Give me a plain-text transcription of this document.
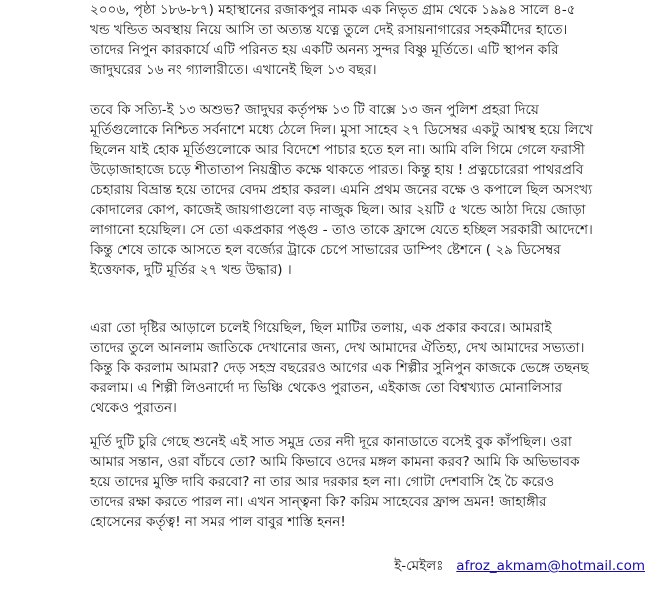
২০০৬, পৃষ্ঠা ১৮৬-৮৭) মহাস্থানের রজাকপুর নামক এক নিভৃত গ্রাম থেকে ১৯৯৪ সালে ৪-৫
খন্ড খন্ডিত অবস্থায় নিয়ে আসি তা অত্যন্ত যত্নে তুলে দেই রসায়নাগারের সহকর্মীদের হাতে।
তাদের নিপুন কারকার্যে এটি পরিনত হয় একটি অনন্য সুন্দর বিষ্ণু মূর্তিতে। এটি স্থাপন করি
জাদুঘরের ১৬ নং গ্যালারীতে। এখানেই ছিল ১৩ বছর।

তবে কি সত্যি-ই ১৩ অশুভ? জাদুঘর কর্তৃপক্ষ ১৩ টি বাক্সে ১৩ জন পুলিশ প্রহরা দিয়ে
মূর্তিগুলোকে নিশ্চিত সর্বনাশে মধ্যে ঠেলে দিল। মুসা সাহেব ২৭ ডিসেম্বর একটু আশ্বস্থ হয়ে লিখে
ছিলেন যাই হোক মূর্তিগুলোকে আর বিদেশে পাচার হতে হল না। আমি বলি গিমে গেলে ফরাসী
উড়োজাহাজে চড়ে শীতাতাপ নিয়ন্ত্রীত কক্ষে থাকতে পারত। কিন্তু হায় ! প্রত্নচোরেরা পাথরপ্রবি
চেহারায় বিভ্রান্ত হয়ে তাদের বেদম প্রহার করল। এমনি প্রথম জনের বক্ষে ও কপালে ছিল অসংখ্য
কোদালের কোপ, কাজেই জায়গাগুলো বড় নাজুক ছিল। আর ২য়টি ৫ খন্ডে আঠা দিয়ে জোড়া
লাগানো হয়েছিল। সে তো একপ্রকার পঙ্গু - তাও তাকে ফ্রান্সে যেতে হচ্ছিল সরকারী আদেশে।
কিন্তু শেষে তাকে আসতে হল বর্জ্যের ট্রাকে চেপে সাভারের ডাম্পিং ষ্টেশনে ( ২৯ ডিসেম্বর
ইত্তেফাক, দুটি মূর্তির ২৭ খন্ড উদ্ধার) ।

এরা তো দৃষ্টির আড়ালে চলেই গিয়েছিল, ছিল মাটির তলায়, এক প্রকার কবরে। আমরাই
তাদের তুলে আনলাম জাতিকে দেখানোর জন্য, দেখ আমাদের ঐতিহ্য, দেখ আমাদের সভ্যতা।
কিন্তু কি করলাম আমরা? দেড় সহস্র বছরেরও আগের এক শিল্পীর সুনিপুন কাজকে ভেঙ্গে তছনছ
করলাম। এ শিল্পী লিওনার্দো দ্য ভিঞ্চি থেকেও পুরাতন, এইকাজ তো বিশ্বখ্যাত মোনালিসার
থেকেও পুরাতন।

মূর্তি দুটি চুরি গেছে শুনেই এই সাত সমুদ্র তের নদী দূরে কানাডাতে বসেই বুক কাঁপছিল। ওরা
আমার সন্তান, ওরা বাঁচবে তো? আমি কিভাবে ওদের মঙ্গল কামনা করব? আমি কি অভিভাবক
হয়ে তাদের মুক্তি দাবি করবো? না তার আর দরকার হল না। গোটা দেশবাসি হৈ চৈ করেও
তাদের রক্ষা করতে পারল না। এখন সান্ত্বনা কি? করিম সাহেবের ফ্রান্স ভ্রমন! জাহাঙ্গীর
হোসেনের কর্তৃত্ব! না সমর পাল বাবুর শাস্তি হনন!

ই-মেইলঃ afroz_akmam@hotmail.com
